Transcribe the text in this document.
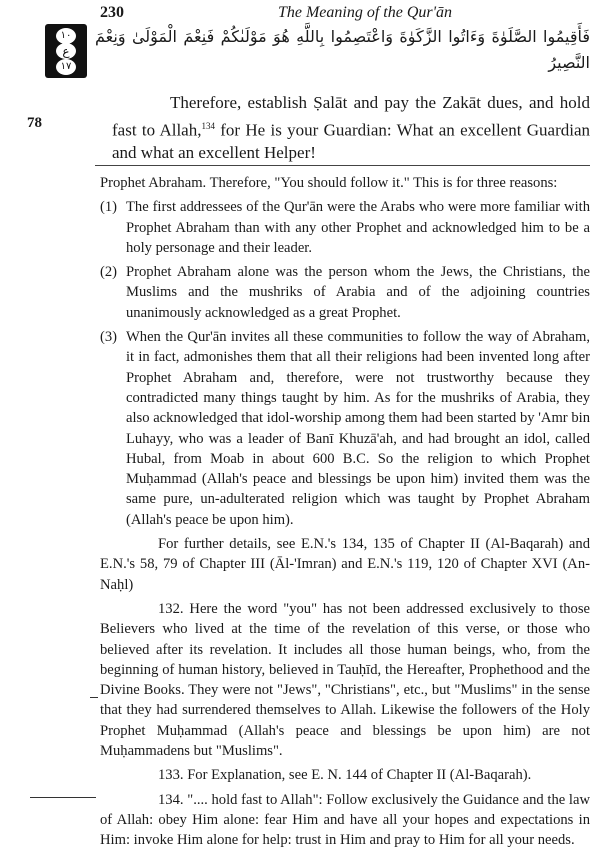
230	The Meaning of the Qur'ān
١٠
ع
١٧
فَأَقِيمُوا الصَّلَوٰةَ وَءَاتُوا الزَّكَوٰةَ وَاعْتَصِمُوا بِاللَّهِ هُوَ مَوْلَىٰكُمْ فَنِعْمَ الْمَوْلَىٰ وَنِعْمَ النَّصِيرُ
78
Therefore, establish Ṣalāt and pay the Zakāt dues, and hold fast to Allah,$^{134}$ for He is your Guardian: What an excellent Guardian and what an excellent Helper!

Prophet Abraham. Therefore, "You should follow it." This is for three reasons:

(1) The first addressees of the Qur'ān were the Arabs who were more familiar with Prophet Abraham than with any other Prophet and acknowledged him to be a holy personage and their leader.

(2) Prophet Abraham alone was the person whom the Jews, the Christians, the Muslims and the mushriks of Arabia and of the adjoining countries unanimously acknowledged as a great Prophet.

(3) When the Qur'ān invites all these communities to follow the way of Abraham, it in fact, admonishes them that all their religions had been invented long after Prophet Abraham and, therefore, were not trustworthy because they contradicted many things taught by him. As for the mushriks of Arabia, they also acknowledged that idol-worship among them had been started by 'Amr bin Luhayy, who was a leader of Banī Khuzā'ah, and had brought an idol, called Hubal, from Moab in about 600 B.C. So the religion to which Prophet Muḥammad (Allah's peace and blessings be upon him) invited them was the same pure, un-adulterated religion which was taught by Prophet Abraham (Allah's peace be upon him).

For further details, see E.N.'s 134, 135 of Chapter II (Al-Baqarah) and E.N.'s 58, 79 of Chapter III (Āl-'Imran) and E.N.'s 119, 120 of Chapter XVI (An-Naḥl)

132. Here the word "you" has not been addressed exclusively to those Believers who lived at the time of the revelation of this verse, or those who believed after its revelation. It includes all those human beings, who, from the beginning of human history, believed in Tauḥīd, the Hereafter, Prophethood and the Divine Books. They were not "Jews", "Christians", etc., but "Muslims" in the sense that they had surrendered themselves to Allah. Likewise the followers of the Holy Prophet Muḥammad (Allah's peace and blessings be upon him) are not Muḥammadens but "Muslims".

133. For Explanation, see E. N. 144 of Chapter II (Al-Baqarah).

134. ".... hold fast to Allah": Follow exclusively the Guidance and the law of Allah: obey Him alone: fear Him and have all your hopes and expectations in Him: invoke Him alone for help: trust in Him and pray to Him for all your needs.
